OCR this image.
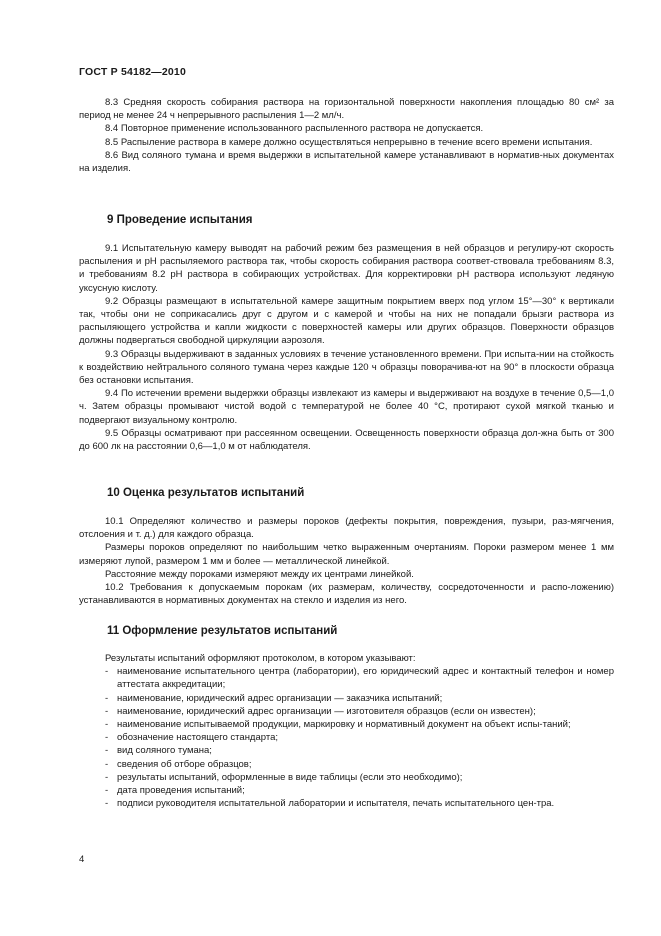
ГОСТ Р 54182—2010

8.3 Средняя скорость собирания раствора на горизонтальной поверхности накопления площадью 80 см² за период не менее 24 ч непрерывного распыления 1—2 мл/ч.

8.4 Повторное применение использованного распыленного раствора не допускается.

8.5 Распыление раствора в камере должно осуществляться непрерывно в течение всего времени испытания.

8.6 Вид соляного тумана и время выдержки в испытательной камере устанавливают в норматив-ных документах на изделия.

9 Проведение испытания

9.1 Испытательную камеру выводят на рабочий режим без размещения в ней образцов и регулиру-ют скорость распыления и pH распыляемого раствора так, чтобы скорость собирания раствора соответ-ствовала требованиям 8.3, и требованиям 8.2 pH раствора в собирающих устройствах. Для корректировки pH раствора используют ледяную уксусную кислоту.

9.2 Образцы размещают в испытательной камере защитным покрытием вверх под углом 15°—30° к вертикали так, чтобы они не соприкасались друг с другом и с камерой и чтобы на них не попадали брызги раствора из распыляющего устройства и капли жидкости с поверхностей камеры или других образцов. Поверхности образцов должны подвергаться свободной циркуляции аэрозоля.

9.3 Образцы выдерживают в заданных условиях в течение установленного времени. При испыта-нии на стойкость к воздействию нейтрального соляного тумана через каждые 120 ч образцы поворачива-ют на 90° в плоскости образца без остановки испытания.

9.4 По истечении времени выдержки образцы извлекают из камеры и выдерживают на воздухе в течение 0,5—1,0 ч. Затем образцы промывают чистой водой с температурой не более 40 °C, протирают сухой мягкой тканью и подвергают визуальному контролю.

9.5 Образцы осматривают при рассеянном освещении. Освещенность поверхности образца дол-жна быть от 300 до 600 лк на расстоянии 0,6—1,0 м от наблюдателя.

10 Оценка результатов испытаний

10.1 Определяют количество и размеры пороков (дефекты покрытия, повреждения, пузыри, раз-мягчения, отслоения и т. д.) для каждого образца.

Размеры пороков определяют по наибольшим четко выраженным очертаниям. Пороки размером менее 1 мм измеряют лупой, размером 1 мм и более — металлической линейкой.

Расстояние между пороками измеряют между их центрами линейкой.

10.2 Требования к допускаемым порокам (их размерам, количеству, сосредоточенности и распо-ложению) устанавливаются в нормативных документах на стекло и изделия из него.

11 Оформление результатов испытаний

Результаты испытаний оформляют протоколом, в котором указывают:

- наименование испытательного центра (лаборатории), его юридический адрес и контактный телефон и номер аттестата аккредитации;

- наименование, юридический адрес организации — заказчика испытаний;

- наименование, юридический адрес организации — изготовителя образцов (если он известен);

- наименование испытываемой продукции, маркировку и нормативный документ на объект испы-таний;

- обозначение настоящего стандарта;

- вид соляного тумана;

- сведения об отборе образцов;

- результаты испытаний, оформленные в виде таблицы (если это необходимо);

- дата проведения испытаний;

- подписи руководителя испытательной лаборатории и испытателя, печать испытательного цен-тра.

4
